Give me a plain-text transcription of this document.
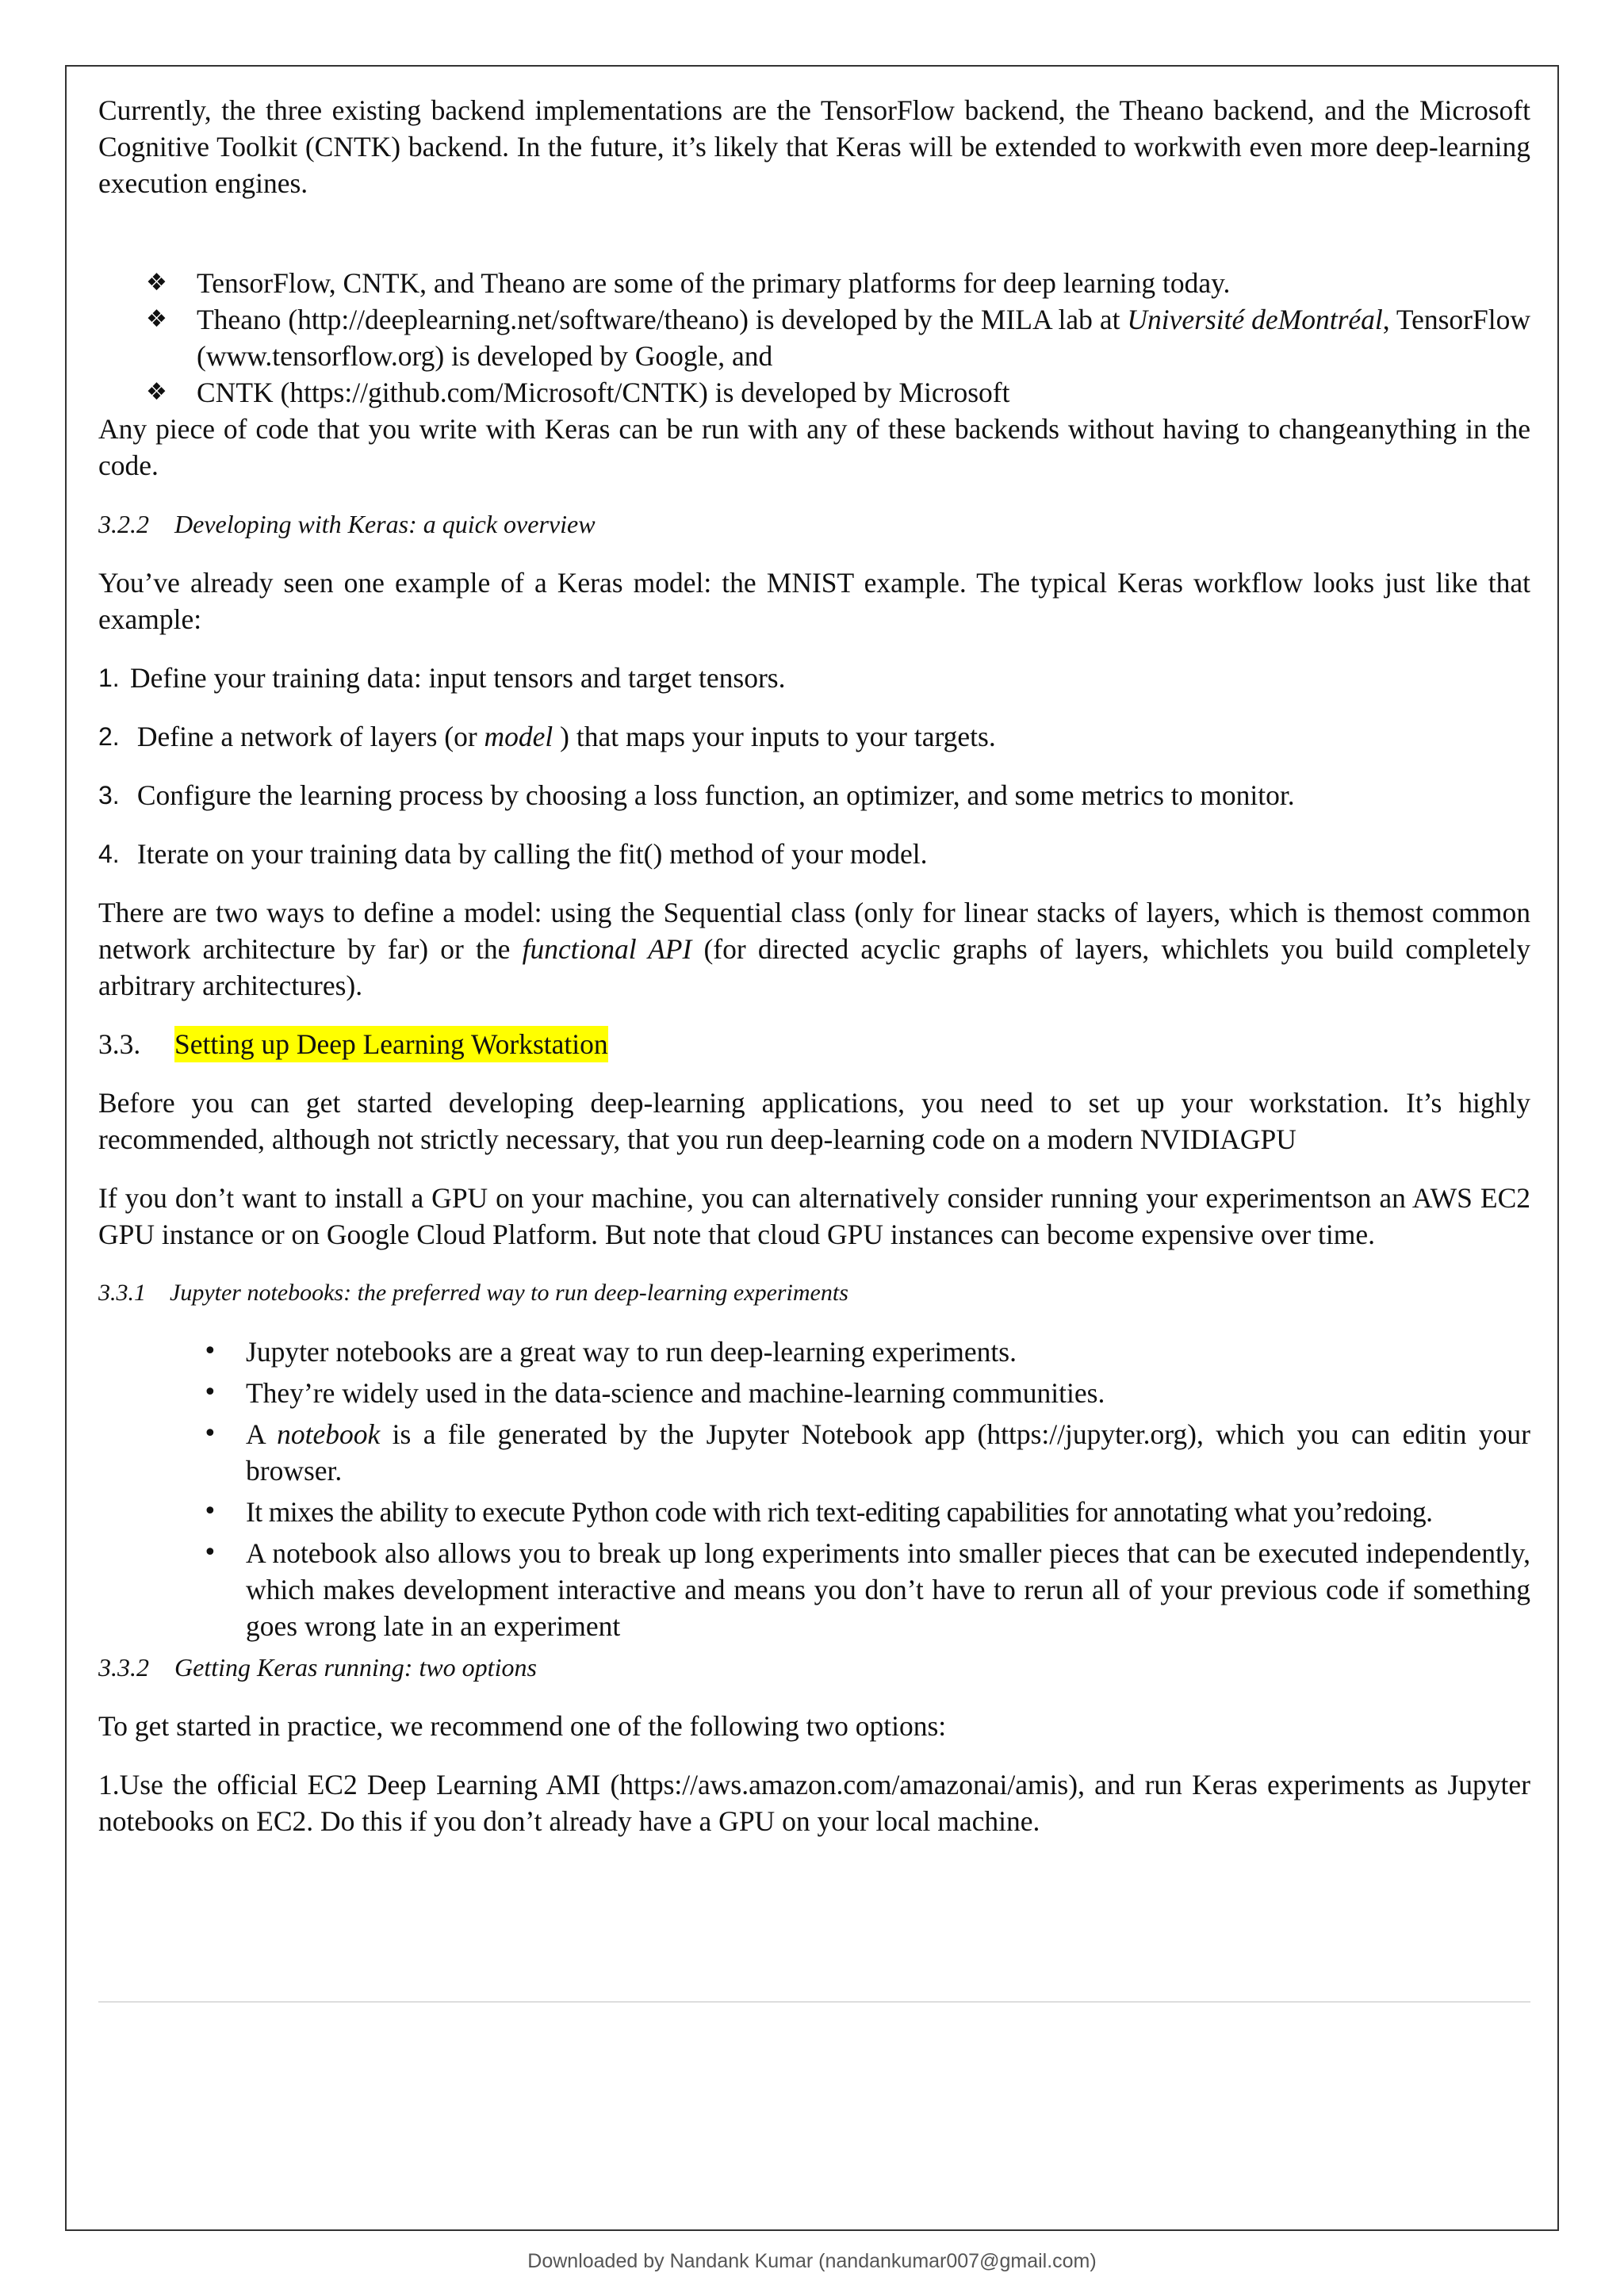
Currently, the three existing backend implementations are the TensorFlow backend, the Theano backend, and the Microsoft Cognitive Toolkit (CNTK) backend. In the future, it’s likely that Keras will be extended to workwith even more deep-learning execution engines.

❖ TensorFlow, CNTK, and Theano are some of the primary platforms for deep learning today.
❖ Theano (http://deeplearning.net/software/theano) is developed by the MILA lab at Université deMontréal, TensorFlow (www.tensorflow.org) is developed by Google, and
❖ CNTK (https://github.com/Microsoft/CNTK) is developed by Microsoft

Any piece of code that you write with Keras can be run with any of these backends without having to changeanything in the code.

3.2.2 Developing with Keras: a quick overview

You’ve already seen one example of a Keras model: the MNIST example. The typical Keras workflow looks just like that example:

1. Define your training data: input tensors and target tensors.
2. Define a network of layers (or model ) that maps your inputs to your targets.
3. Configure the learning process by choosing a loss function, an optimizer, and some metrics to monitor.
4. Iterate on your training data by calling the fit() method of your model.

There are two ways to define a model: using the Sequential class (only for linear stacks of layers, which is themost common network architecture by far) or the functional API (for directed acyclic graphs of layers, whichlets you build completely arbitrary architectures).

3.3.	Setting up Deep Learning Workstation

Before you can get started developing deep-learning applications, you need to set up your workstation. It’s highly recommended, although not strictly necessary, that you run deep-learning code on a modern NVIDIAGPU

If you don’t want to install a GPU on your machine, you can alternatively consider running your experimentson an AWS EC2 GPU instance or on Google Cloud Platform. But note that cloud GPU instances can become expensive over time.

3.3.1 Jupyter notebooks: the preferred way to run deep-learning experiments
• Jupyter notebooks are a great way to run deep-learning experiments.
• They’re widely used in the data-science and machine-learning communities.
• A notebook is a file generated by the Jupyter Notebook app (https://jupyter.org), which you can editin your browser.
• It mixes the ability to execute Python code with rich text-editing capabilities for annotating what you’redoing.
• A notebook also allows you to break up long experiments into smaller pieces that can be executed independently, which makes development interactive and means you don’t have to rerun all of your previous code if something goes wrong late in an experiment
3.3.2 Getting Keras running: two options

To get started in practice, we recommend one of the following two options:

1.Use the official EC2 Deep Learning AMI (https://aws.amazon.com/amazonai/amis), and run Keras experiments as Jupyter notebooks on EC2. Do this if you don’t already have a GPU on your local machine.

Downloaded by Nandank Kumar (nandankumar007@gmail.com)
